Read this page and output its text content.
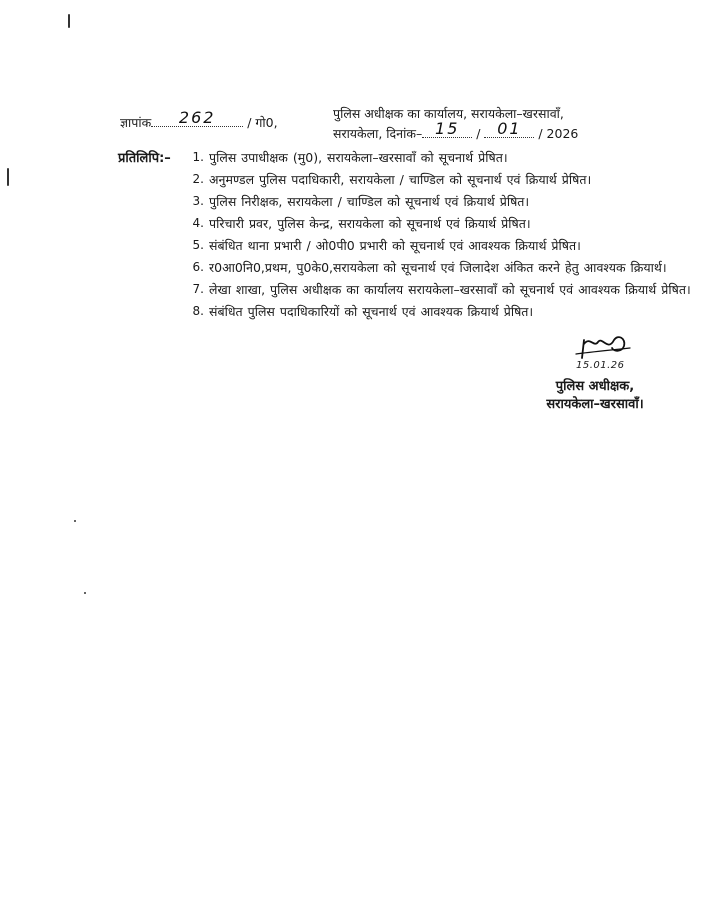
ज्ञापांक	262	/ गो0,
पुलिस अधीक्षक का कार्यालय, सरायकेला–खरसावाँ,
सरायकेला, दिनांक– 15	/ 01	/ 2026
प्रतिलिपि:–	1. पुलिस उपाधीक्षक (मु0), सरायकेला–खरसावाँ को सूचनार्थ प्रेषित।
2. अनुमण्डल पुलिस पदाधिकारी, सरायकेला / चाण्डिल को सूचनार्थ एवं क्रियार्थ प्रेषित।
3. पुलिस निरीक्षक, सरायकेला / चाण्डिल को सूचनार्थ एवं क्रियार्थ प्रेषित।
4. परिचारी प्रवर, पुलिस केन्द्र, सरायकेला को सूचनार्थ एवं क्रियार्थ प्रेषित।
5. संबंधित थाना प्रभारी / ओ0पी0 प्रभारी को सूचनार्थ एवं आवश्यक क्रियार्थ प्रेषित।
6. र0आ0नि0,प्रथम, पु0के0,सरायकेला को सूचनार्थ एवं जिलादेश अंकित करने हेतु आवश्यक क्रियार्थ।
7. लेखा शाखा, पुलिस अधीक्षक का कार्यालय सरायकेला–खरसावाँ को सूचनार्थ एवं आवश्यक क्रियार्थ प्रेषित।
8. संबंधित पुलिस पदाधिकारियों को सूचनार्थ एवं आवश्यक क्रियार्थ प्रेषित।
15.01.26
पुलिस अधीक्षक,
सरायकेला–खरसावाँ।
